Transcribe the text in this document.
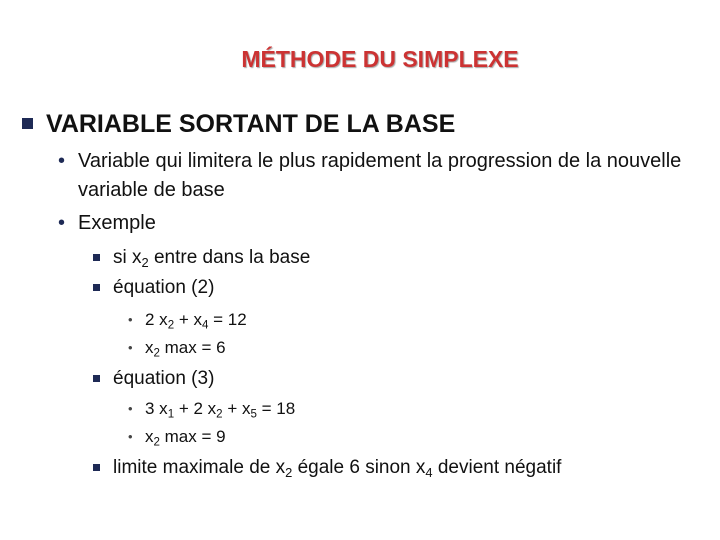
MÉTHODE DU SIMPLEXE
VARIABLE SORTANT DE LA BASE
• Variable qui limitera le plus rapidement la progression de la nouvelle variable de base
• Exemple
si $x_2$ entre dans la base
équation (2)
• 2 $x_2 + x_4 = 12$
• $x_2$ max = 6
équation (3)
• 3 $x_1 + 2$ $x_2 + x_5 = 18$
• $x_2$ max = 9
limite maximale de $x_2$ égale 6 sinon $x_4$ devient négatif
